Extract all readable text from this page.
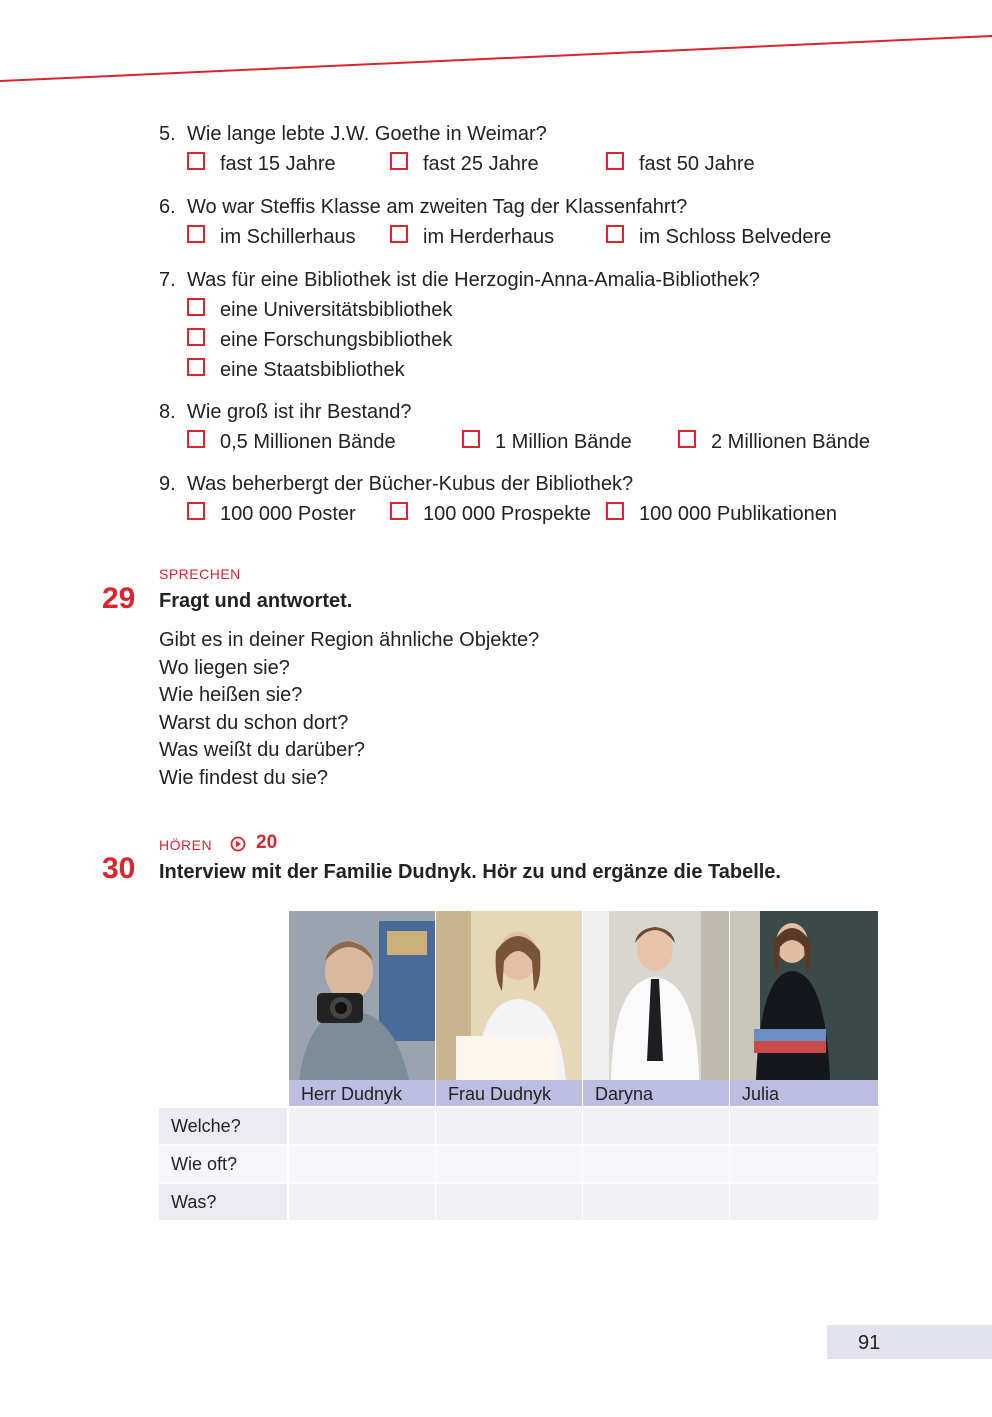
5. Wie lange lebte J.W. Goethe in Weimar?
fast 15 Jahre	fast 25 Jahre	fast 50 Jahre
6. Wo war Steffis Klasse am zweiten Tag der Klassenfahrt?
im Schillerhaus	im Herderhaus	im Schloss Belvedere
7. Was für eine Bibliothek ist die Herzogin-Anna-Amalia-Bibliothek?
eine Universitätsbibliothek
eine Forschungsbibliothek
eine Staatsbibliothek
8. Wie groß ist ihr Bestand?
0,5 Millionen Bände	1 Million Bände	2 Millionen Bände
9. Was beherbergt der Bücher-Kubus der Bibliothek?
100 000 Poster	100 000 Prospekte 100 000 Publikationen
SPRECHEN
29 Fragt und antwortet.
Gibt es in deiner Region ähnliche Objekte?
Wo liegen sie?
Wie heißen sie?
Warst du schon dort?
Was weißt du darüber?
Wie findest du sie?
HÖREN 20
30 Interview mit der Familie Dudnyk. Hör zu und ergänze die Tabelle.
Herr Dudnyk	Frau Dudnyk	Daryna	Julia
Welche?
Wie oft?
Was?
91
